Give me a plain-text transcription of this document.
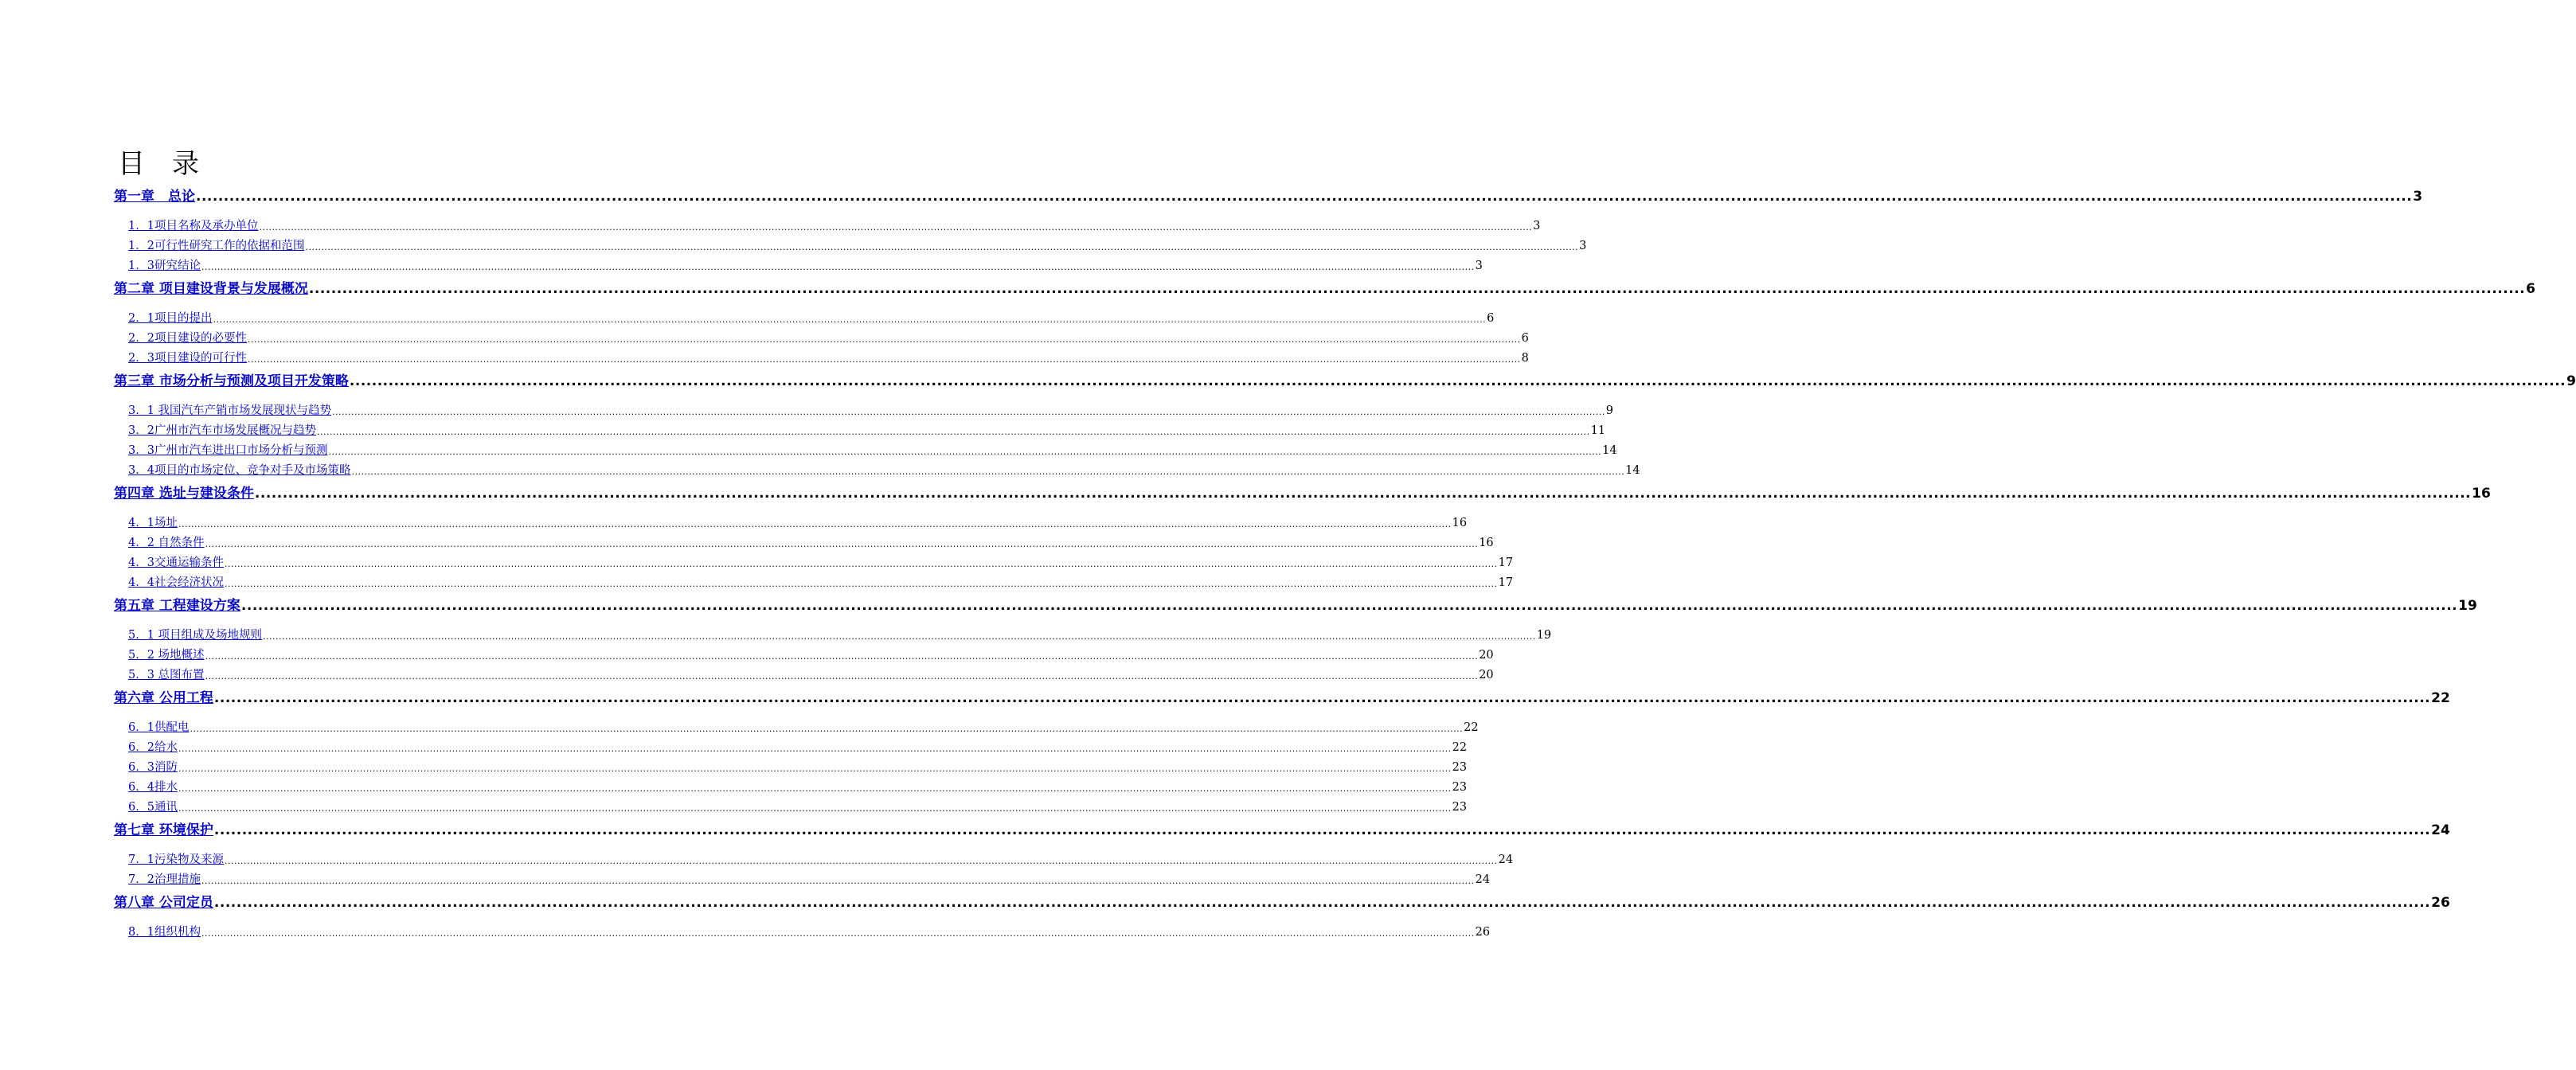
目　录
第一章　总论 ................................................................................................................................................................................................................................................................................................................................................................................................................ 3
1．1项目名称及承办单位 ................................................................................................................................................................................................................................................................................................................................................................................................................ 3
1．2可行性研究工作的依据和范围 ................................................................................................................................................................................................................................................................................................................................................................................................................ 3
1．3研究结论 ................................................................................................................................................................................................................................................................................................................................................................................................................ 3
第二章 项目建设背景与发展概况 ................................................................................................................................................................................................................................................................................................................................................................................................................ 6
2．1项目的提出 ................................................................................................................................................................................................................................................................................................................................................................................................................ 6
2．2项目建设的必要性 ................................................................................................................................................................................................................................................................................................................................................................................................................ 6
2．3项目建设的可行性 ................................................................................................................................................................................................................................................................................................................................................................................................................ 8
第三章 市场分析与预测及项目开发策略 ................................................................................................................................................................................................................................................................................................................................................................................................................ 9
3．1 我国汽车产销市场发展现状与趋势 ................................................................................................................................................................................................................................................................................................................................................................................................................ 9
3．2广州市汽车市场发展概况与趋势 ................................................................................................................................................................................................................................................................................................................................................................................................................ 11
3．3广州市汽车进出口市场分析与预测 ................................................................................................................................................................................................................................................................................................................................................................................................................ 14
3．4项目的市场定位、竞争对手及市场策略 ................................................................................................................................................................................................................................................................................................................................................................................................................ 14
第四章 选址与建设条件 ................................................................................................................................................................................................................................................................................................................................................................................................................ 16
4．1场址 ................................................................................................................................................................................................................................................................................................................................................................................................................ 16
4．2 自然条件 ................................................................................................................................................................................................................................................................................................................................................................................................................ 16
4．3交通运输条件 ................................................................................................................................................................................................................................................................................................................................................................................................................ 17
4．4社会经济状况 ................................................................................................................................................................................................................................................................................................................................................................................................................ 17
第五章 工程建设方案 ................................................................................................................................................................................................................................................................................................................................................................................................................ 19
5．1 项目组成及场地规则 ................................................................................................................................................................................................................................................................................................................................................................................................................ 19
5．2 场地概述 ................................................................................................................................................................................................................................................................................................................................................................................................................ 20
5．3 总图布置 ................................................................................................................................................................................................................................................................................................................................................................................................................ 20
第六章 公用工程 ................................................................................................................................................................................................................................................................................................................................................................................................................ 22
6．1供配电 ................................................................................................................................................................................................................................................................................................................................................................................................................ 22
6．2给水 ................................................................................................................................................................................................................................................................................................................................................................................................................ 22
6．3消防 ................................................................................................................................................................................................................................................................................................................................................................................................................ 23
6．4排水 ................................................................................................................................................................................................................................................................................................................................................................................................................ 23
6．5通讯 ................................................................................................................................................................................................................................................................................................................................................................................................................ 23
第七章 环境保护 ................................................................................................................................................................................................................................................................................................................................................................................................................ 24
7．1污染物及来源 ................................................................................................................................................................................................................................................................................................................................................................................................................ 24
7．2治理措施 ................................................................................................................................................................................................................................................................................................................................................................................................................ 24
第八章 公司定员 ................................................................................................................................................................................................................................................................................................................................................................................................................ 26
8．1组织机构 ................................................................................................................................................................................................................................................................................................................................................................................................................ 26
